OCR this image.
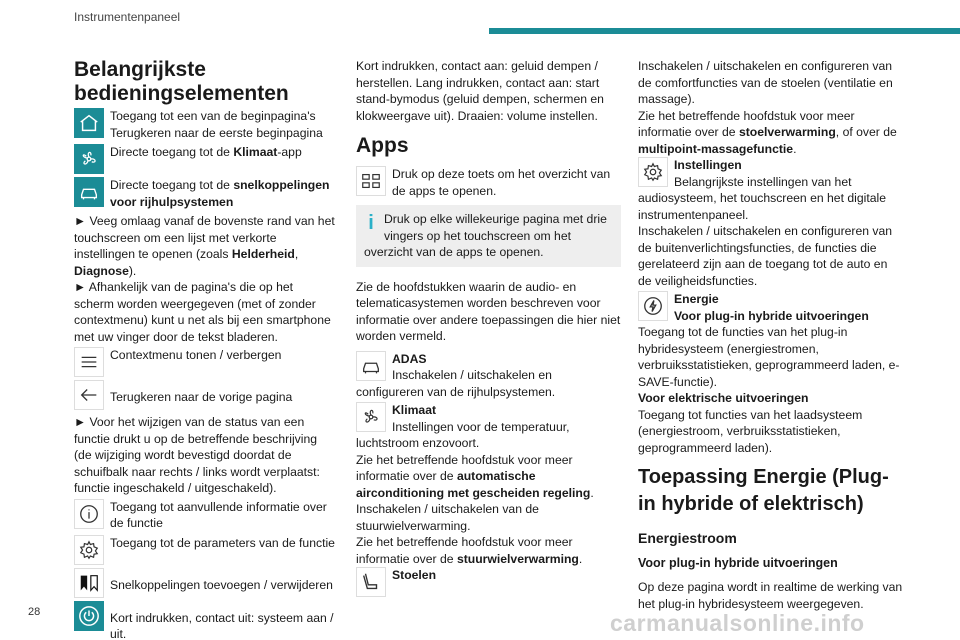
Instrumentenpaneel
Belangrijkste bedieningselementen
Toegang tot een van de beginpagina's Terugkeren naar de eerste beginpagina
Directe toegang tot de Klimaat-app
Directe toegang tot de snelkoppelingen voor rijhulpsystemen

► Veeg omlaag vanaf de bovenste rand van het touchscreen om een lijst met verkorte instellingen te openen (zoals Helderheid, Diagnose).

► Afhankelijk van de pagina's die op het scherm worden weergegeven (met of zonder contextmenu) kunt u net als bij een smartphone met uw vinger door de tekst bladeren.

Contextmenu tonen / verbergen
Terugkeren naar de vorige pagina

► Voor het wijzigen van de status van een functie drukt u op de betreffende beschrijving (de wijziging wordt bevestigd doordat de schuifbalk naar rechts / links wordt verplaatst: functie ingeschakeld / uitgeschakeld).

Toegang tot aanvullende informatie over de functie
Toegang tot de parameters van de functie
Snelkoppelingen toevoegen / verwijderen
Kort indrukken, contact uit: systeem aan / uit.

Kort indrukken, contact aan: geluid dempen / herstellen. Lang indrukken, contact aan: start stand-bymodus (geluid dempen, schermen en klokweergave uit). Draaien: volume instellen.

Apps
Druk op deze toets om het overzicht van de apps te openen.
i Druk op elke willekeurige pagina met drie vingers op het touchscreen om het overzicht van de apps te openen.

Zie de hoofdstukken waarin de audio- en telematicasystemen worden beschreven voor informatie over andere toepassingen die hier niet worden vermeld.

ADAS
Inschakelen / uitschakelen en configureren van de rijhulpsystemen.
Klimaat
Instellingen voor de temperatuur, luchtstroom enzovoort.
Zie het betreffende hoofdstuk voor meer informatie over de automatische airconditioning met gescheiden regeling.
Inschakelen / uitschakelen van de stuurwielverwarming.
Zie het betreffende hoofdstuk voor meer informatie over de stuurwielverwarming.
Stoelen

Inschakelen / uitschakelen en configureren van de comfortfuncties van de stoelen (ventilatie en massage).

Zie het betreffende hoofdstuk voor meer informatie over de stoelverwarming, of over de multipoint-massagefunctie.

Instellingen
Belangrijkste instellingen van het audiosysteem, het touchscreen en het digitale instrumentenpaneel.
Inschakelen / uitschakelen en configureren van de buitenverlichtingsfuncties, de functies die gerelateerd zijn aan de toegang tot de auto en de veiligheidsfuncties.
Energie
Voor plug-in hybride uitvoeringen
Toegang tot de functies van het plug-in hybridesysteem (energiestromen, verbruiksstatistieken, geprogrammeerd laden, e-SAVE-functie).
Voor elektrische uitvoeringen
Toegang tot functies van het laadsysteem (energiestroom, verbruiksstatistieken, geprogrammeerd laden).
Toepassing Energie (Plug-in hybride of elektrisch)
Energiestroom
Voor plug-in hybride uitvoeringen

Op deze pagina wordt in realtime de werking van het plug-in hybridesysteem weergegeven.

28	carmanualsonline.info
